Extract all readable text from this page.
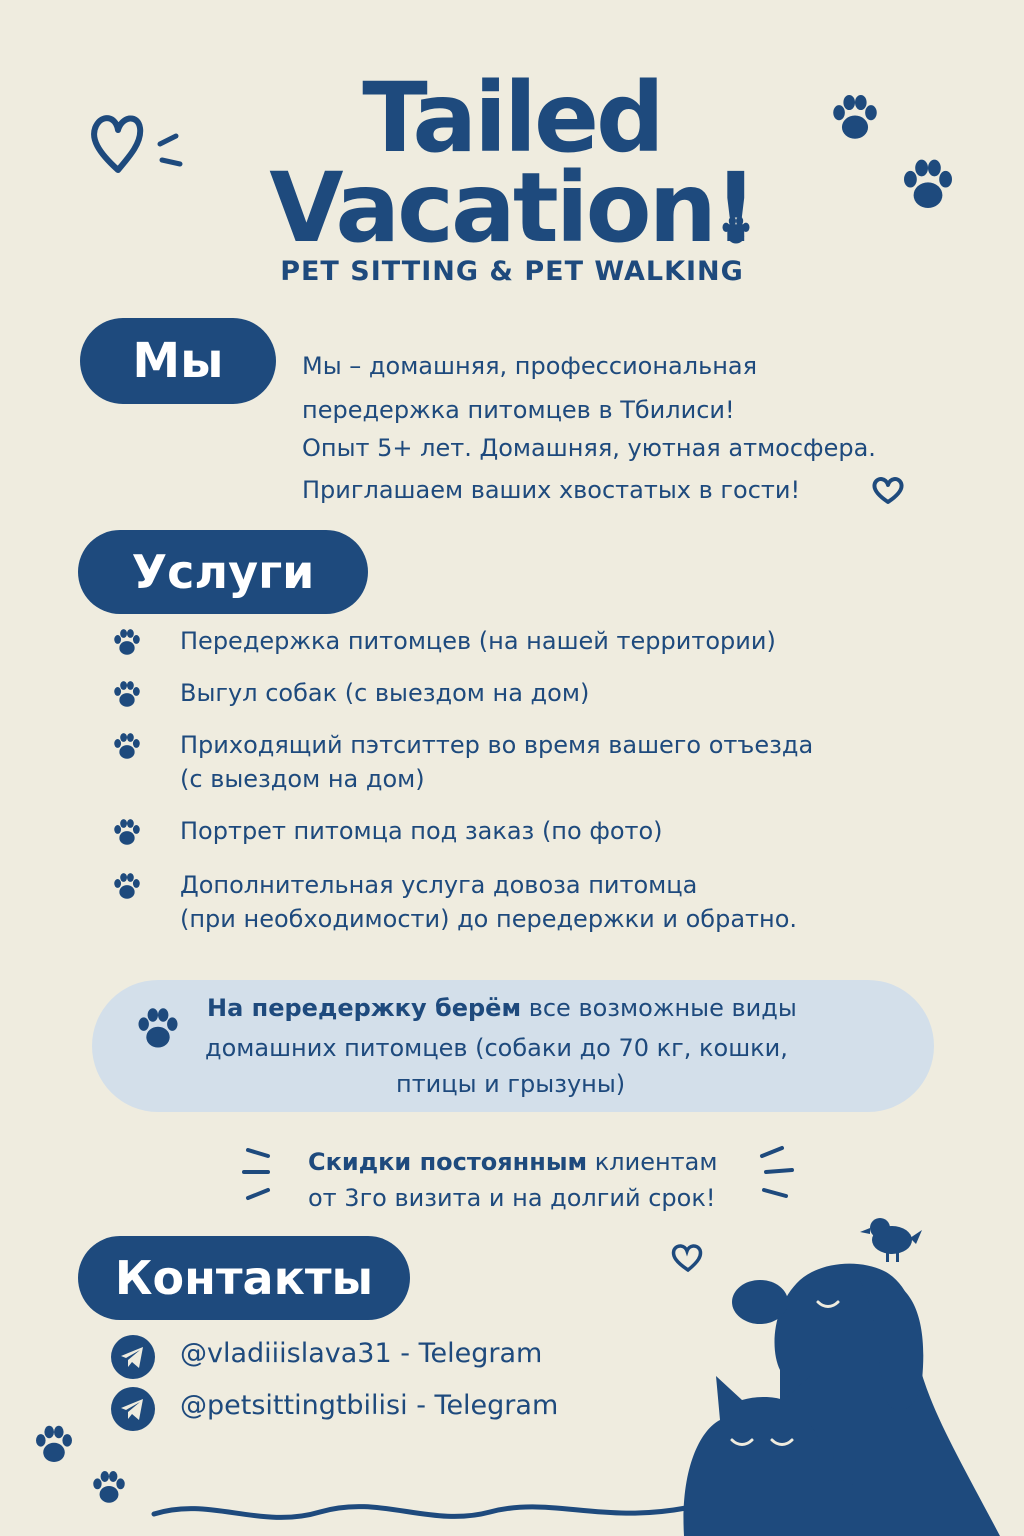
Tailed
Vacation!
PET SITTING & PET WALKING
Мы	Мы – домашняя, профессиональная
передержка питомцев в Тбилиси!
Опыт 5+ лет. Домашняя, уютная атмосфера.
Приглашаем ваших хвостатых в гости!
Услуги
Передержка питомцев (на нашей территории)
Выгул собак (с выездом на дом)
Приходящий пэтситтер во время вашего отъезда
(с выездом на дом)
Портрет питомца под заказ (по фото)
Дополнительная услуга довоза питомца
(при необходимости) до передержки и обратно.
На передержку берём все возможные виды
домашних питомцев (собаки до 70 кг, кошки,
птицы и грызуны)
Скидки постоянным клиентам
от 3го визита и на долгий срок!
Контакты
@vladiiislava31 - Telegram
@petsittingtbilisi - Telegram
